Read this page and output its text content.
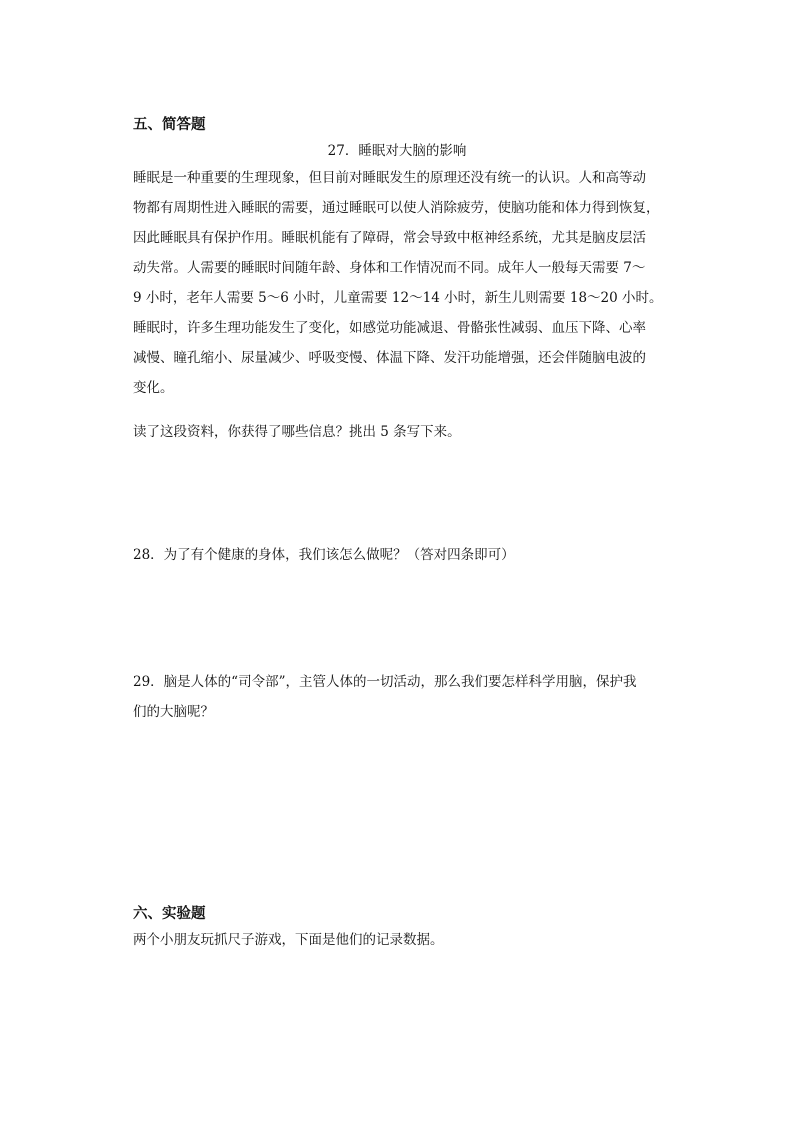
五、简答题
27．睡眠对大脑的影响
睡眠是一种重要的生理现象，但目前对睡眠发生的原理还没有统一的认识。人和高等动
物都有周期性进入睡眠的需要，通过睡眠可以使人消除疲劳，使脑功能和体力得到恢复，
因此睡眠具有保护作用。睡眠机能有了障碍，常会导致中枢神经系统，尤其是脑皮层活
动失常。人需要的睡眠时间随年龄、身体和工作情况而不同。成年人一般每天需要 7～
9 小时，老年人需要 5～6 小时，儿童需要 12～14 小时，新生儿则需要 18～20 小时。
睡眠时，许多生理功能发生了变化，如感觉功能减退、骨骼张性减弱、血压下降、心率
减慢、瞳孔缩小、尿量减少、呼吸变慢、体温下降、发汗功能增强，还会伴随脑电波的
变化。
读了这段资料，你获得了哪些信息？挑出 5 条写下来。
28．为了有个健康的身体，我们该怎么做呢？（答对四条即可）
29．脑是人体的“司令部”，主管人体的一切活动，那么我们要怎样科学用脑，保护我
们的大脑呢？
六、实验题
两个小朋友玩抓尺子游戏，下面是他们的记录数据。
